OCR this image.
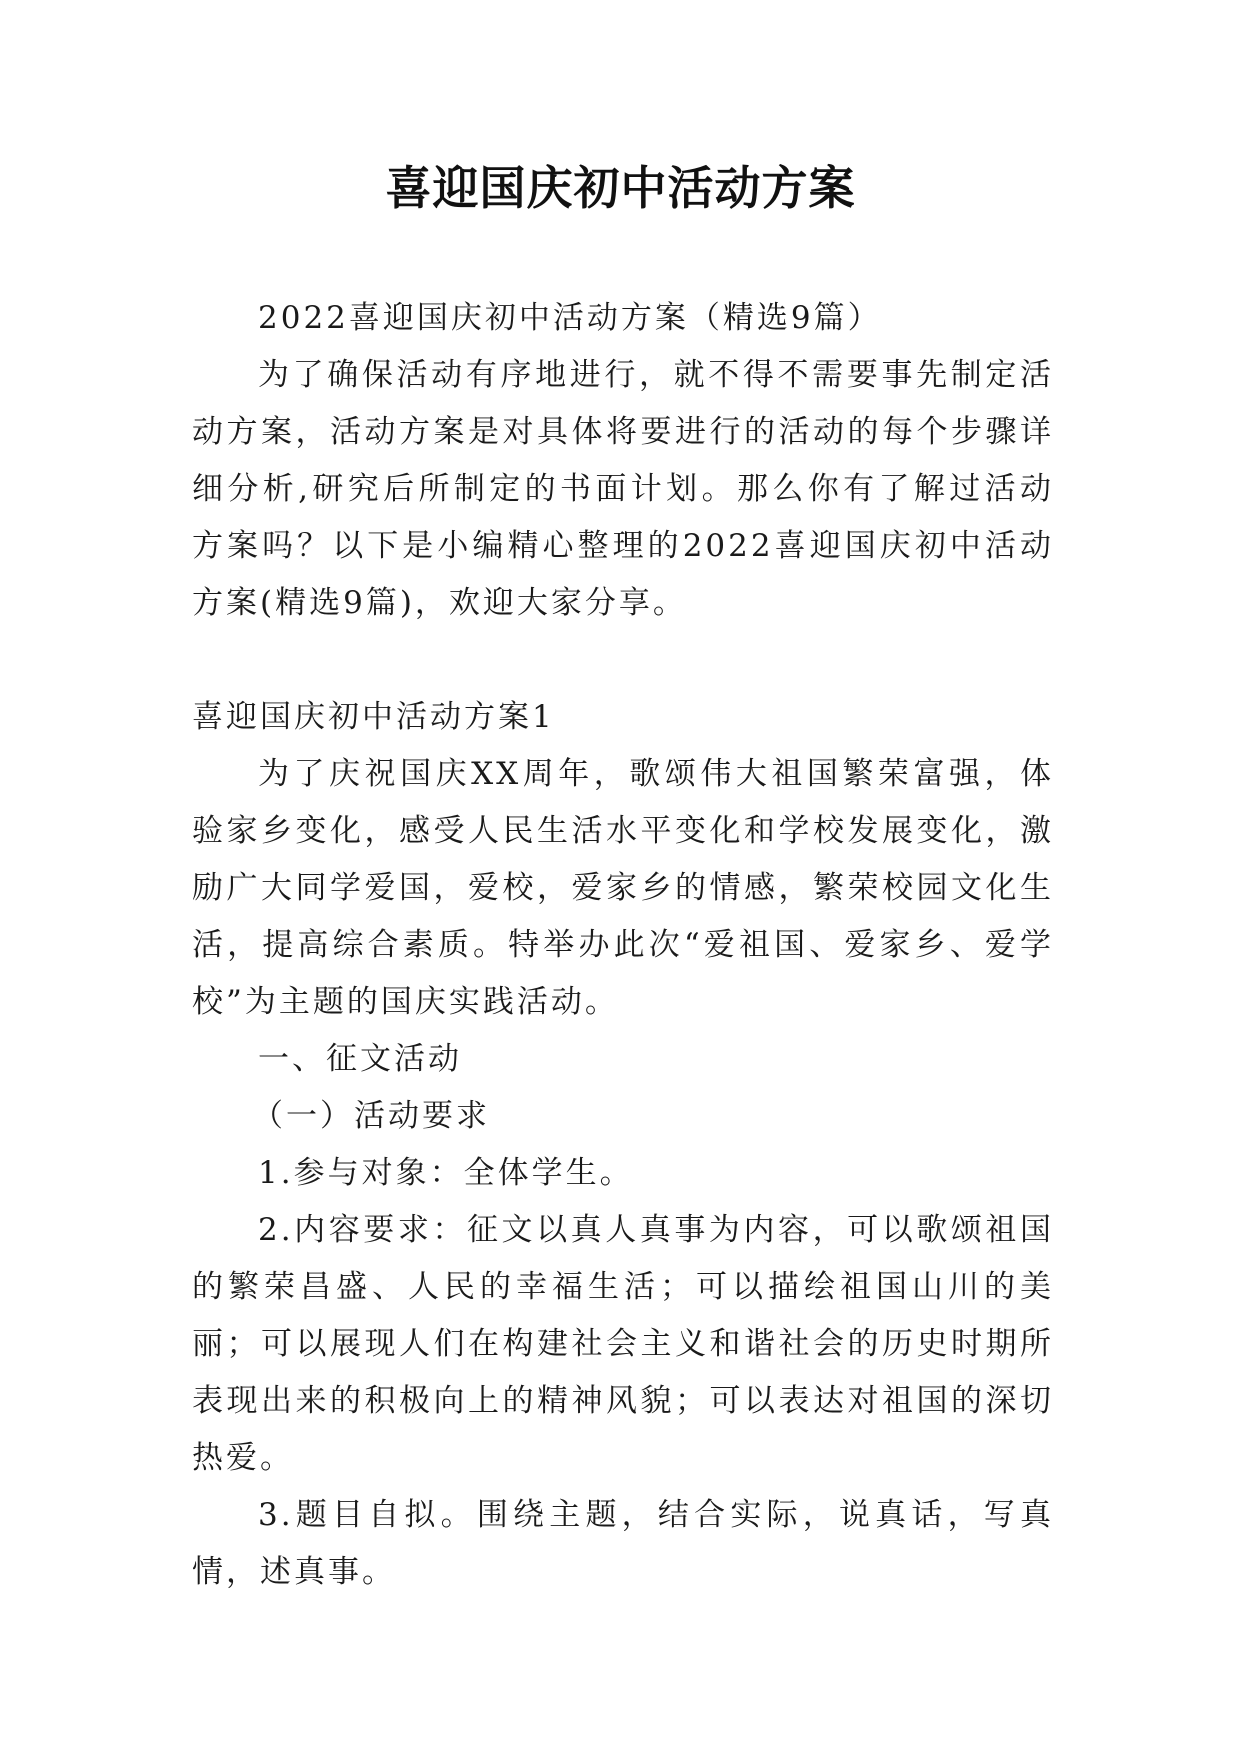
喜迎国庆初中活动方案

2022喜迎国庆初中活动方案（精选9篇）

为了确保活动有序地进行，就不得不需要事先制定活动方案，活动方案是对具体将要进行的活动的每个步骤详细分析,研究后所制定的书面计划。那么你有了解过活动方案吗？以下是小编精心整理的2022喜迎国庆初中活动方案(精选9篇)，欢迎大家分享。

喜迎国庆初中活动方案1

为了庆祝国庆XX周年，歌颂伟大祖国繁荣富强，体验家乡变化，感受人民生活水平变化和学校发展变化，激励广大同学爱国，爱校，爱家乡的情感，繁荣校园文化生活，提高综合素质。特举办此次“爱祖国、爱家乡、爱学校”为主题的国庆实践活动。

一、征文活动

（一）活动要求

1.参与对象：全体学生。

2.内容要求：征文以真人真事为内容，可以歌颂祖国的繁荣昌盛、人民的幸福生活；可以描绘祖国山川的美丽；可以展现人们在构建社会主义和谐社会的历史时期所表现出来的积极向上的精神风貌；可以表达对祖国的深切热爱。

3.题目自拟。围绕主题，结合实际，说真话，写真情，述真事。
